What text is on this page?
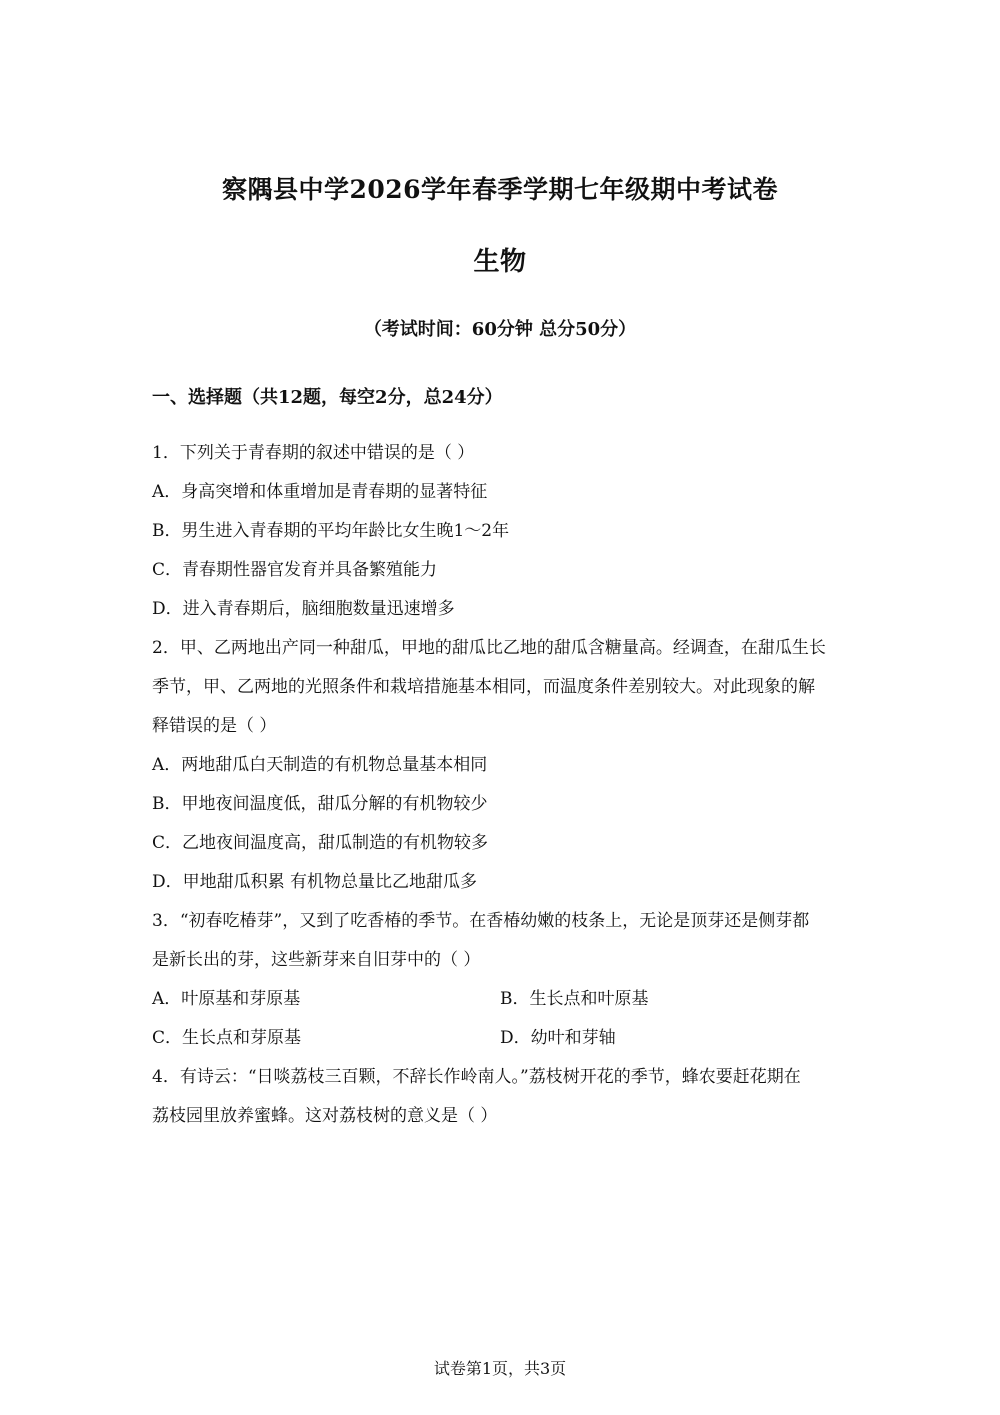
察隅县中学2026学年春季学期七年级期中考试卷
生物
（考试时间：60分钟 总分50分）
一、选择题（共12题，每空2分，总24分）
1．下列关于青春期的叙述中错误的是（ ）
A．身高突增和体重增加是青春期的显著特征
B．男生进入青春期的平均年龄比女生晚1～2年
C．青春期性器官发育并具备繁殖能力
D．进入青春期后，脑细胞数量迅速增多
2．甲、乙两地出产同一种甜瓜，甲地的甜瓜比乙地的甜瓜含糖量高。经调查，在甜瓜生长
季节，甲、乙两地的光照条件和栽培措施基本相同，而温度条件差别较大。对此现象的解
释错误的是（ ）
A．两地甜瓜白天制造的有机物总量基本相同
B．甲地夜间温度低，甜瓜分解的有机物较少
C．乙地夜间温度高，甜瓜制造的有机物较多
D．甲地甜瓜积累 有机物总量比乙地甜瓜多
3．“初春吃椿芽”，又到了吃香椿的季节。在香椿幼嫩的枝条上，无论是顶芽还是侧芽都
是新长出的芽，这些新芽来自旧芽中的（ ）
A．叶原基和芽原基	B．生长点和叶原基
C．生长点和芽原基	D．幼叶和芽轴
4．有诗云：“日啖荔枝三百颗，不辞长作岭南人。”荔枝树开花的季节，蜂农要赶花期在
荔枝园里放养蜜蜂。这对荔枝树的意义是（ ）
试卷第1页，共3页
